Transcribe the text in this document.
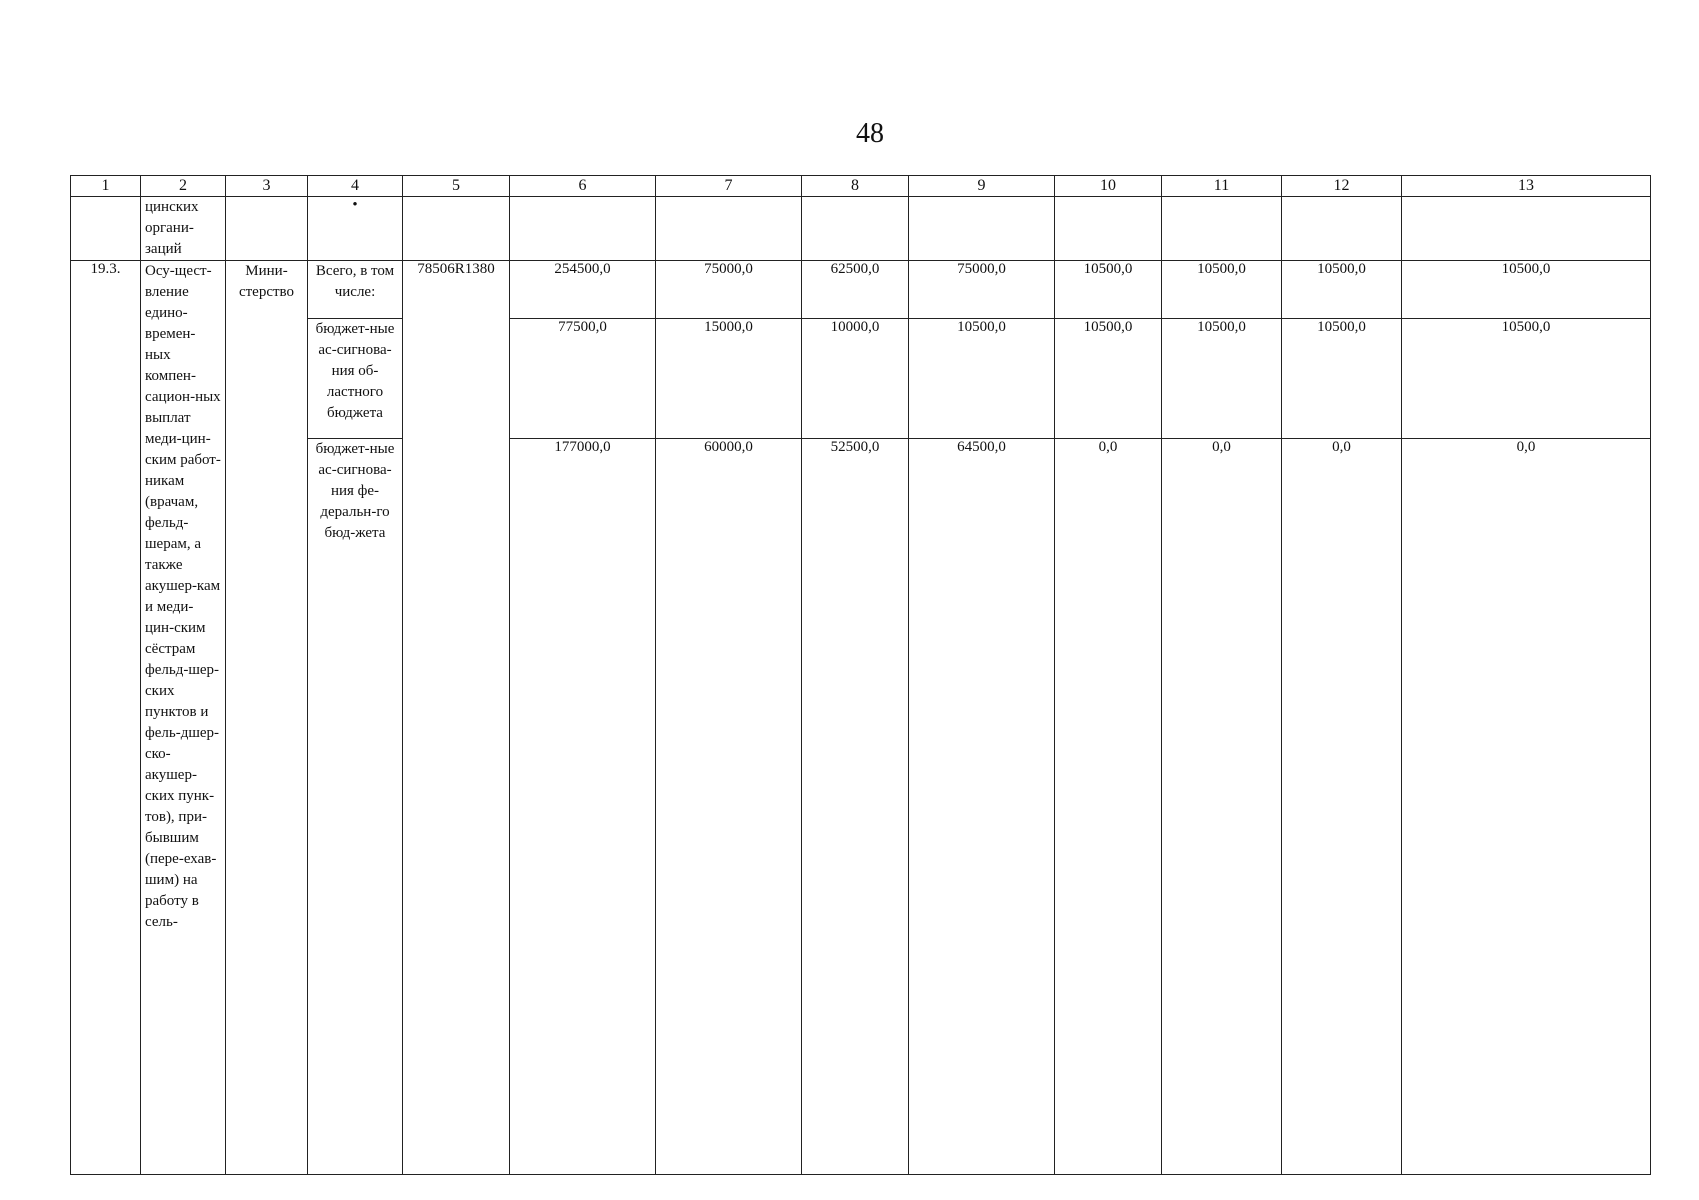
48
1	2	3	4	5	6	7	8	9	10	11	12	13
	цинских органи-заций		•									
19.3.	Осу-щест-вление едино-времен-ных компен-сацион-ных выплат меди-цин-ским работ-никам (врачам, фельд-шерам, а также акушер-кам и меди-цин-ским сёстрам фельд-шер-ских пунктов и фель-дшер-ско-акушер-ских пунк-тов), при-бывшим (пере-ехав-шим) на работу в сель-	Мини-стерство	Всего, в том числе:	78506R1380	254500,0	75000,0	62500,0	75000,0	10500,0	10500,0	10500,0	10500,0
			бюджет-ные ас-сигнова-ния об-ластного бюджета		77500,0	15000,0	10000,0	10500,0	10500,0	10500,0	10500,0	10500,0
			бюджет-ные ас-сигнова-ния фе-деральн-го бюд-жета		177000,0	60000,0	52500,0	64500,0	0,0	0,0	0,0	0,0
